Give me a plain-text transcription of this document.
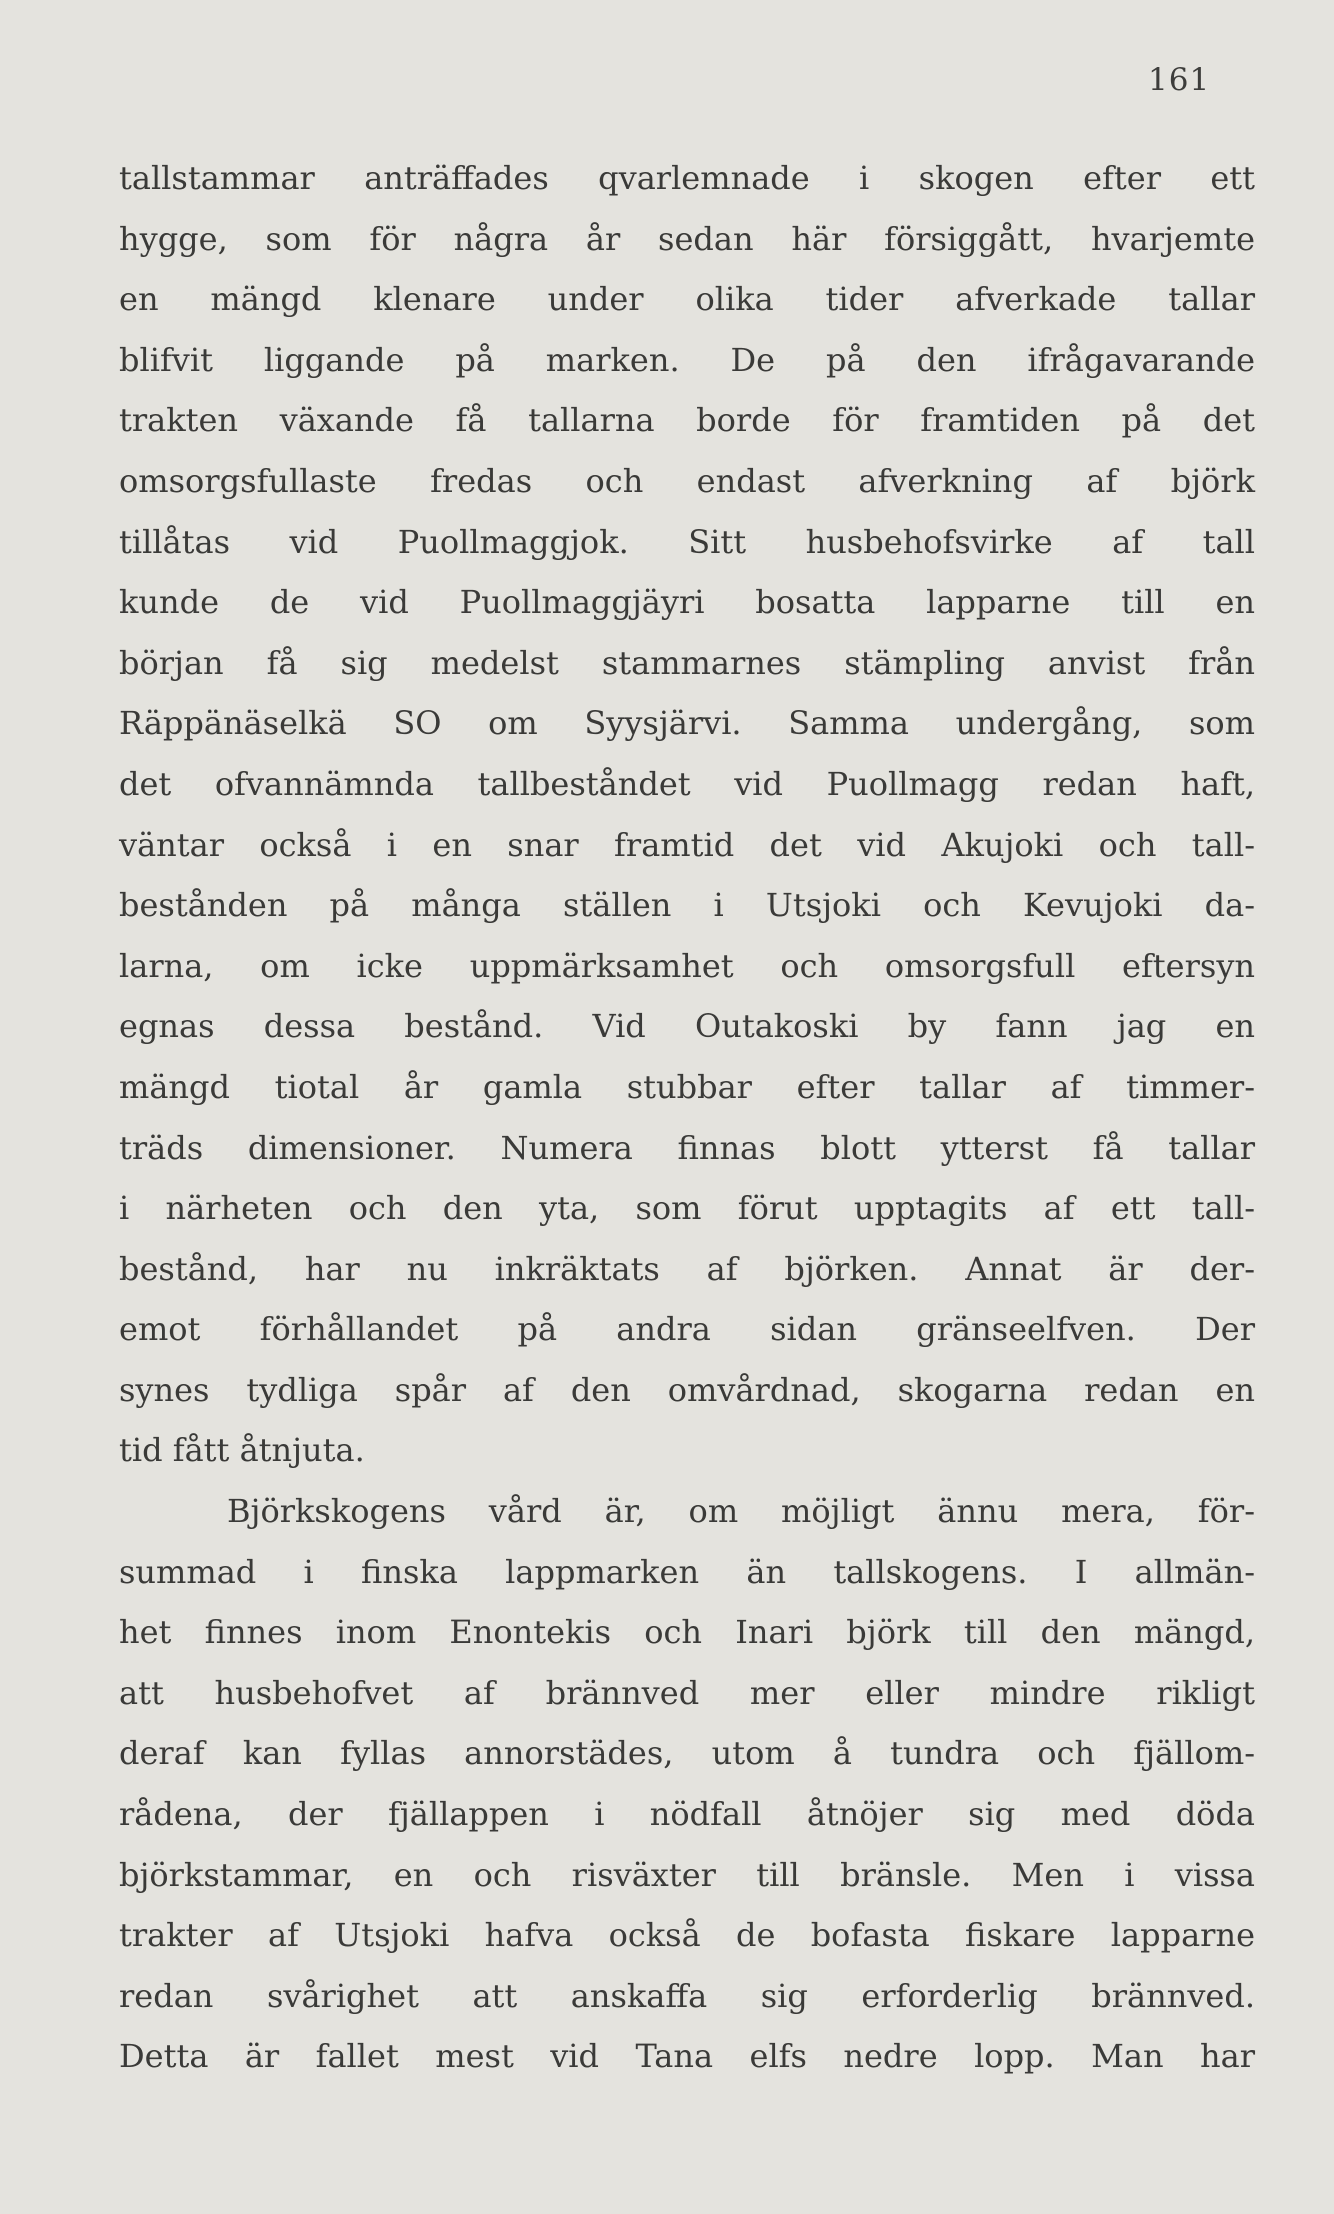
161
tallstammar anträffades qvarlemnade i skogen efter ett
hygge, som för några år sedan här försiggått, hvarjemte
en mängd klenare under olika tider afverkade tallar
blifvit liggande på marken. De på den ifrågavarande
trakten växande få tallarna borde för framtiden på det
omsorgsfullaste fredas och endast afverkning af björk
tillåtas vid Puollmaggjok. Sitt husbehofsvirke af tall
kunde de vid Puollmaggjäyri bosatta lapparne till en
början få sig medelst stammarnes stämpling anvist från
Räppänäselkä SO om Syysjärvi. Samma undergång, som
det ofvannämnda tallbeståndet vid Puollmagg redan haft,
väntar också i en snar framtid det vid Akujoki och tall-
bestånden på många ställen i Utsjoki och Kevujoki da-
larna, om icke uppmärksamhet och omsorgsfull eftersyn
egnas dessa bestånd. Vid Outakoski by fann jag en
mängd tiotal år gamla stubbar efter tallar af timmer-
träds dimensioner. Numera finnas blott ytterst få tallar
i närheten och den yta, som förut upptagits af ett tall-
bestånd, har nu inkräktats af björken. Annat är der-
emot förhållandet på andra sidan gränseelfven. Der
synes tydliga spår af den omvårdnad, skogarna redan en
tid fått åtnjuta.
Björkskogens vård är, om möjligt ännu mera, för-
summad i finska lappmarken än tallskogens. I allmän-
het finnes inom Enontekis och Inari björk till den mängd,
att husbehofvet af brännved mer eller mindre rikligt
deraf kan fyllas annorstädes, utom å tundra och fjällom-
rådena, der fjällappen i nödfall åtnöjer sig med döda
björkstammar, en och risväxter till bränsle. Men i vissa
trakter af Utsjoki hafva också de bofasta fiskare lapparne
redan svårighet att anskaffa sig erforderlig brännved.
Detta är fallet mest vid Tana elfs nedre lopp. Man har
